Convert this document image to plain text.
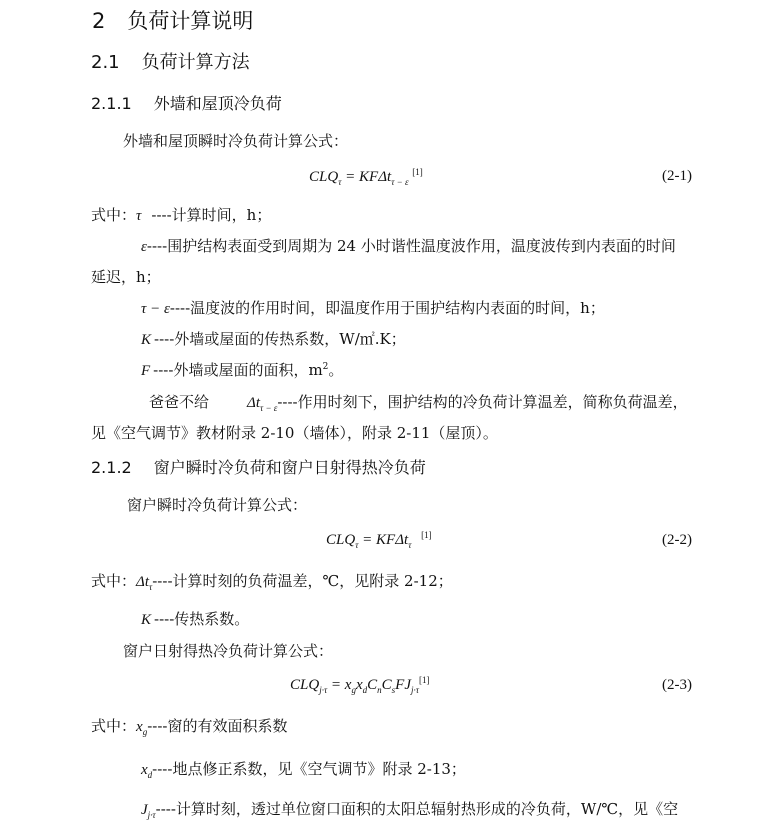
2 负荷计算说明
2.1 负荷计算方法
2.1.1 外墙和屋顶冷负荷
外墙和屋顶瞬时冷负荷计算公式：
$CLQ_\tau = KF\Delta t_{\tau - \varepsilon}$ [1]	(2-1)
式中：τ ----计算时间，h；
ε----围护结构表面受到周期为 24 小时谐性温度波作用，温度波传到内表面的时间
延迟，h；
τ − ε----温度波的作用时间，即温度作用于围护结构内表面的时间，h；
K ----外墙或屋面的传热系数，W/㎡.K；
F ----外墙或屋面的面积，$m^2$。
爸爸不给	$\Delta t_{\tau - \varepsilon}----$作用时刻下，围护结构的冷负荷计算温差，简称负荷温差，
见《空气调节》教材附录 2-10（墙体），附录 2-11（屋顶）。
2.1.2 窗户瞬时冷负荷和窗户日射得热冷负荷
窗户瞬时冷负荷计算公式：
$CLQ_\tau = KF\Delta t_\tau$ [1]	(2-2)
式中：$\Delta t_\tau----$计算时刻的负荷温差，℃，见附录 2-12；
K ----传热系数。
窗户日射得热冷负荷计算公式：
$CLQ_{j\cdot\tau} = x_gx_dC_nC_sFJ_{j\cdot\tau}[1]$	(2-3)
式中：$x_g----$窗的有效面积系数
$x_d----$地点修正系数，见《空气调节》附录 2-13；
$J_{j\cdot\tau}----$计算时刻，透过单位窗口面积的太阳总辐射热形成的冷负荷，W/℃，见《空
